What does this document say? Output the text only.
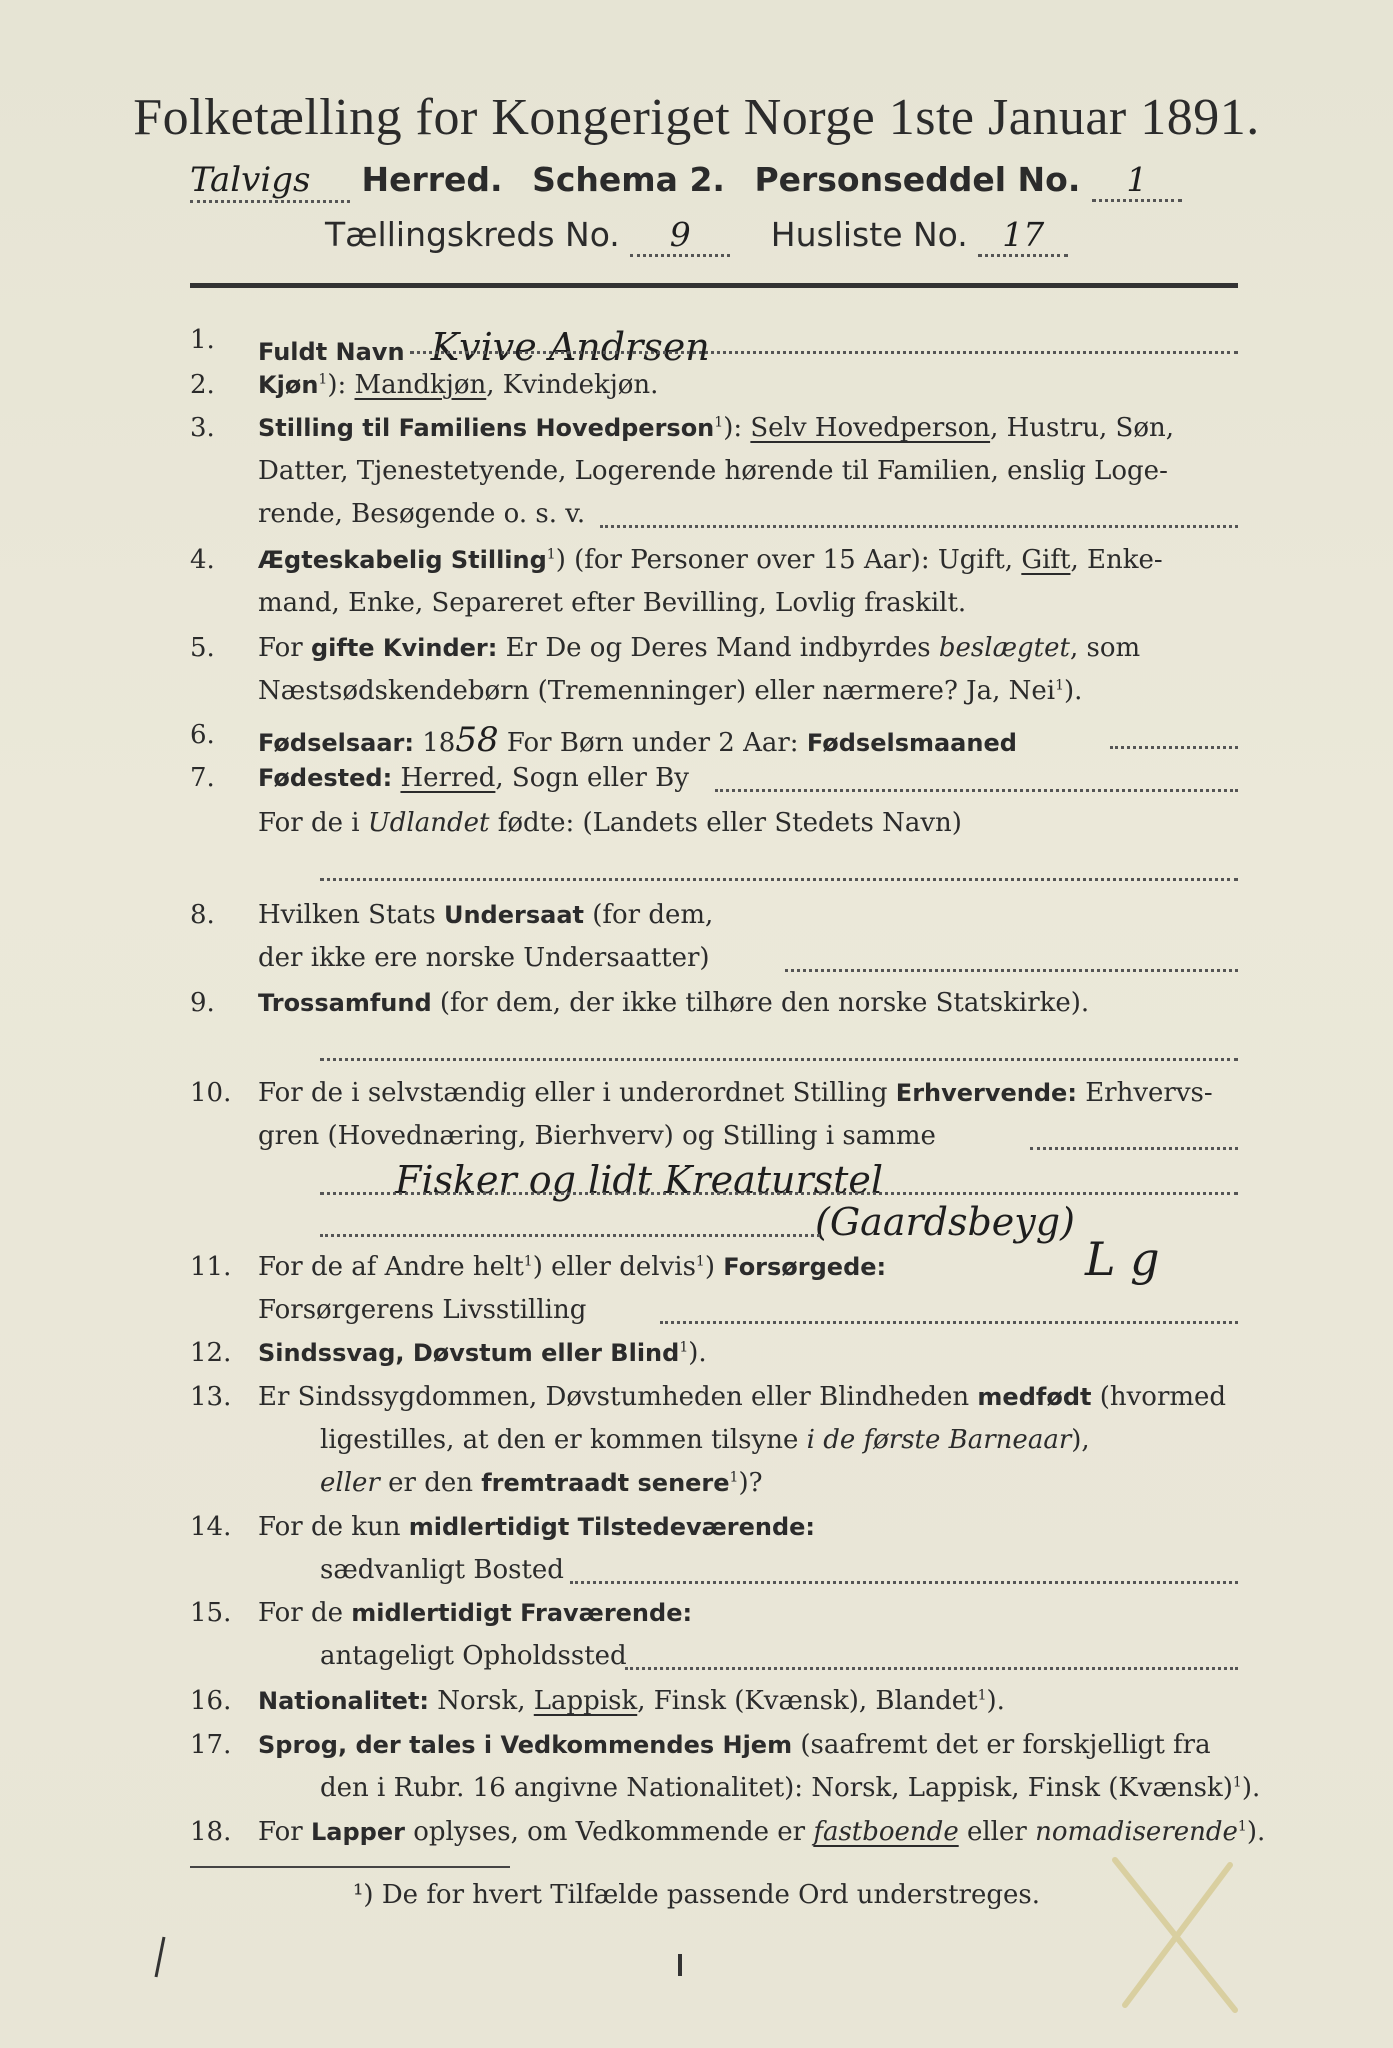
Folketælling for Kongeriget Norge 1ste Januar 1891.
Talvigs Herred. Schema 2. Personseddel No. 1
Tællingskreds No. 9 Husliste No. 17
1.	Fuldt Navn Kvive Andrsen
2.	Kjøn$^1$): Mandkjøn, Kvindekjøn.
3.	Stilling til Familiens Hovedperson$^1$): Selv Hovedperson, Hustru, Søn,
Datter, Tjenestetyende, Logerende hørende til Familien, enslig Loge-
rende, Besøgende o. s. v.
4.	Ægteskabelig Stilling$^1$) (for Personer over 15 Aar): Ugift, Gift, Enke-
mand, Enke, Separeret efter Bevilling, Lovlig fraskilt.
5.	For gifte Kvinder: Er De og Deres Mand indbyrdes beslægtet, som
Næstsødskendebørn (Tremenninger) eller nærmere? Ja, Nei$^1$).
6.	Fødselsaar: 1858 For Børn under 2 Aar: Fødselsmaaned
7.	Fødested: Herred, Sogn eller By
For de i Udlandet fødte: (Landets eller Stedets Navn)
8.	Hvilken Stats Undersaat (for dem,
der ikke ere norske Undersaatter)
9.	Trossamfund (for dem, der ikke tilhøre den norske Statskirke).
10.	For de i selvstændig eller i underordnet Stilling Erhvervende: Erhvervs-
gren (Hovednæring, Bierhverv) og Stilling i samme
Fisker og lidt Kreaturstel
(Gaardsbeyg)
11.	For de af Andre helt$^1$) eller delvis$^1$) Forsørgede:	L g
Forsørgerens Livsstilling
12.	Sindssvag, Døvstum eller Blind$^1$).
13.	Er Sindssygdommen, Døvstumheden eller Blindheden medfødt (hvormed
ligestilles, at den er kommen tilsyne i de første Barneaar),
eller er den fremtraadt senere$^1$)?
14.	For de kun midlertidigt Tilstedeværende:
sædvanligt Bosted
15.	For de midlertidigt Fraværende:
antageligt Opholdssted
16.	Nationalitet: Norsk, Lappisk, Finsk (Kvænsk), Blandet$^1$).
17.	Sprog, der tales i Vedkommendes Hjem (saafremt det er forskjelligt fra
den i Rubr. 16 angivne Nationalitet): Norsk, Lappisk, Finsk (Kvænsk)$^1$).
18.	For Lapper oplyses, om Vedkommende er fastboende eller nomadiserende$^1$).
¹) De for hvert Tilfælde passende Ord understreges.
